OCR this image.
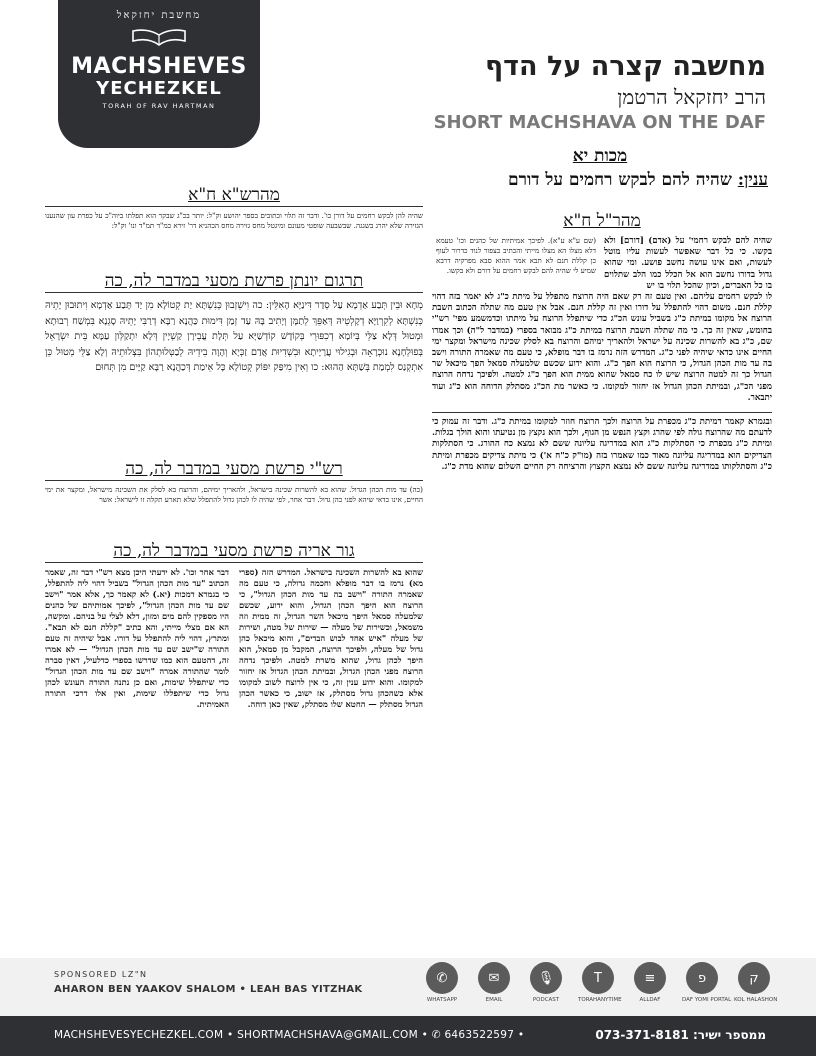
מחשבת יחזקאל
MACHSHEVES
YECHEZKEL
TORAH OF RAV HARTMAN
מחשבה קצרה על הדף
הרב יחזקאל הרטמן
SHORT MACHSHAVA ON THE DAF
מכות יא
ענין: שהיה להם לבקש רחמים על דורם
מהר"ל ח"א
שהיה להם לבקש רחמי' על (אדם) [דורם] ולא בקשו. כי כל דבר שאפשר לעשות עליו מוטל לעשות, ואם אינו עושה נחשב פושע. ומי שהוא גדול בדורו נחשב הוא אל הכלל כמו הלב שתלוים בו כל האברים, וכיון שהכל תלוי בו יש
(שם ע"א ע"א). לפיכך אמיתיות של כהנים וכו' טעמא דלא מצלו הא מצלו מייתי והכתיב כצפור לנוד כדרור לעוף כן קללת חנם לא תבא אמר ההוא סבא מפרקיה דרבא שמיע לי שהיה להם לבקש רחמים על דורם ולא בקשו.
לו לבקש רחמים עליהם. ואין טעם זה רק שאם היה הרוצח מתפלל על מיתת כ"ג לא יאמר בזה דהוי קללת חנם. משום דהוי להתפלל על דורו ואין זה קללת חנם. אבל אין טעם מה שתלה הכתוב השבת הרוצח אל מקומו במיתת כ"ג בשביל עונש הכ"ג כדי שיתפלל הרוצח על מיתתו וכדמשמע מפי' רש"י בחומש, שאין זה כך. כי מה שתלה השבת הרוצח במיתת כ"ג מבואר בספרי (במדבר ל"ה) וכך אמרו שם, כ"ג בא להשרות שכינה על ישראל ולהאריך ימיהם והרוצח בא לסלק שכינה מישראל ומקצר ימי החיים אינו כדאי שיהיה לפני כ"ג. המדרש הזה נרמז בו דבר מופלא, כי טעם מה שאמרה התורה וישב בה עד מות הכהן הגדול, כי הרוצח הוא הפך כ"ג. והוא ידוע שכשם שלמעלה סמאל הפך מיכאל שר הגדול כך זה למטה הרוצח שיש לו כח סמאל שהוא ממית הוא הפך כ"ג למטה. ולפיכך נדחה הרוצח מפני הכ"ג, ובמיתת הכהן הגדול אז יחזור למקומו. כי כאשר מת הכ"ג מסתלק הדוחה הוא כ"ג ועוד יתבאר.
ובגמרא קאמר דמיתת כ"ג מכפרת על הרוצח ולכך הרוצח חוזר למקומו במיתת כ"ג. ודבר זה עמוק כי לדעתם מה שהרוצח גולה לפי שהרג וקצץ הנפש מן הגוף, ולכך הוא נקצץ מן נטיעתו והוא הולך בגלות. ומיתת כ"ג מכפרת כי הסתלקות כ"ג הוא במדריגה עליונה ששם לא נמצא כח ההורג. כי הסתלקות הצדיקים הוא במדריגה עליונה מאוד כמו שאמרו בזה (מו"ק כ"ח א') כי מיתת צדיקים מכפרת ומיתת כ"ג והסתלקותו במדריגה עליונה ששם לא נמצא הקצוץ והרציחה רק החיים השלום שהוא מדת כ"ג.
מהרש"א ח"א
שהיה להן לבקש רחמים על דורן כו'. ודבר זה תלוי וכתובים בספר יהושע וק"ל: יותר בכ"ג שבקר הוא תפלתו ביוה"כ על כפרת עון שהנענו הגזירה שלא יהרג בשגגה. שבשבעה שופטי מעונם ומיגטל מחס גזירה מחס הכהניא דר' זירא כמ"ד תמ"ד ונו' וק"ל:
תרגום יונתן פרשת מסעי במדבר לה, כה
מְחָא וּבֵין תְּבַע אַדְמָא עַל סְדַר דִּינַיָּא הָאִלֵּין: כה וִישֵׁזְבוּן כְּנִשְׁתָּא יַת קְטוֹלָא מִן יַד תָּבַע אַדְמָא וִיתוּבוּן יָתֵיהּ כְּנִשְׁתָּא לְקִרְוַיָּא דְקָלְטֵיהּ דְּאַפֵּךְ לְתַמָּן וְיָתִיב בָּהּ עַד זְמַן דִּימוּת כַּהֲנָא רַבָּא דְרַבִּי יָתֵיהּ סָגְנָא בִּמְשַׁח רְבוּתָא וּמְטוּל דְּלָא צַלֵּי בְּיוֹמָא דְכִפּוּרֵי בְּקוֹדֶשׁ קוֹדְשַׁיָּא עַל תְּלָת עֲבֵירָן קַשְׁיָין דְּלָא יִתְקַלְּון עַמָּא בֵּית יִשְׂרָאֵל בְּפוּלְחָנָא נוּכְרָאָה וּבְגִילוּי עֲרָיָיתָא וּבִשְׁדִיוּת אֲדַם זַכְּיָא וְהָוָה בִידֵיהּ לְבַטְּלוּתְהוֹן בִּצְלוּתֵיהּ וְלָא צַלֵּי מְטוּל כֵּן אִתְקְנַס לִמְמַת בְּשַׁתָּא הַהוּא: כו וְאִין מִיפַּק יִפּוֹק קְטוֹלָא כָּל אֵימַת דְּכַהֲנָא רַבָּא קַיָּים מִן תְּחוּם
רש"י פרשת מסעי במדבר לה, כה
(כה) עד מות הכהן הגדול. שהוא בא להשרות שכינה בישראל, ולהאריך ימיהם, והרוצח בא לסלק את השכינה מישראל, ומקצר את ימי החיים, אינו כדאי שיהא לפני כהן גדול. דבר אחר, לפי שהיה לו לכהן גדול להתפלל שלא תארע תקלה זו לישראל: אשר
גור אריה פרשת מסעי במדבר לה, כה
שהוא בא להשרות השכינה בישראל. המדרש הזה (ספרי מא) נרמז בו דבר מופלא וחכמה גדולה, כי טעם מה שאמרה התורה "וישב בה עד מות הכהן הגדול", כי הרוצח הוא היפך הכהן הגדול, והוא ידוע, שכשם שלמעלה סמאל היפך מיכאל השר הגדול, זה ממית וזה משמאל, וכשירות של מעלה — שירות של מטה, ושירות של מעלה "איש אחד לבוש הבדים", והוא מיכאל כהן גדול של מעלה, ולפיכך הרוצח, המקבל מן סמאל, הוא היפך לכהן גדול, שהוא משרת למטה. ולפיכך נדחה הרוצח מפני הכהן הגדול, ובמיתת הכהן הגדול אז יחזור למקומו. והוא ידוע ענין זה, כי אין לרוצח לשוב למקומו אלא כשהכהן גדול מסתלק, אז ישוב, כי כאשר הכהן הגדול מסתלק — החטא שלו מסתלק, שאין כאן דוחה.
דבר אחר וכו'. לא ידעתי היכן מצא רש"י דבר זה, שאמר הכתוב "עד מות הכהן הגדול" בשביל דהוי ליה להתפלל, כי בגמרא דמכות (יא.) לא קאמר כך, אלא אמר "וישב שם עד מות הכהן הגדול", לפיכך אמותיהם של כהנים היו מספקין להם מים ומזון, דלא לצלי על בניהם. ומקשה, הא אם מצלי מייתי, והא כתיב "קללת חנם לא תבא". ומתרץ, דהוי ליה להתפלל על דורו. אבל שיהיה זה טעם התורה ש"ישב שם עד מות הכהן הגדול" — לא אמרו זה, דהטעם הוא כמו שדרשו בספרי כדלעיל, דאין סברה לומר שהתורה אמרה "וישב שם עד מות הכהן הגדול" כדי שיתפלל שימות, ואם כן נתנה התורה העונש לכהן גדול כדי שיתפללו שימות, ואין אלו דרכי התורה האמיתית.
SPONSORED LZ"N
AHARON BEN YAAKOV SHALOM • LEAH BAS YITZHAK
✆
WHATSAPP
✉
EMAIL
🎙
PODCAST
T
TORAHANYTIME
≡
ALLDAF
פ
DAF YOMI PORTAL
ק
KOL HALASHON
MACHSHEVESYECHEZKEL.COM • SHORTMACHSHAVA@GMAIL.COM • ✆ 6463522597 •	ממספר ישיר: 073-371-8181
